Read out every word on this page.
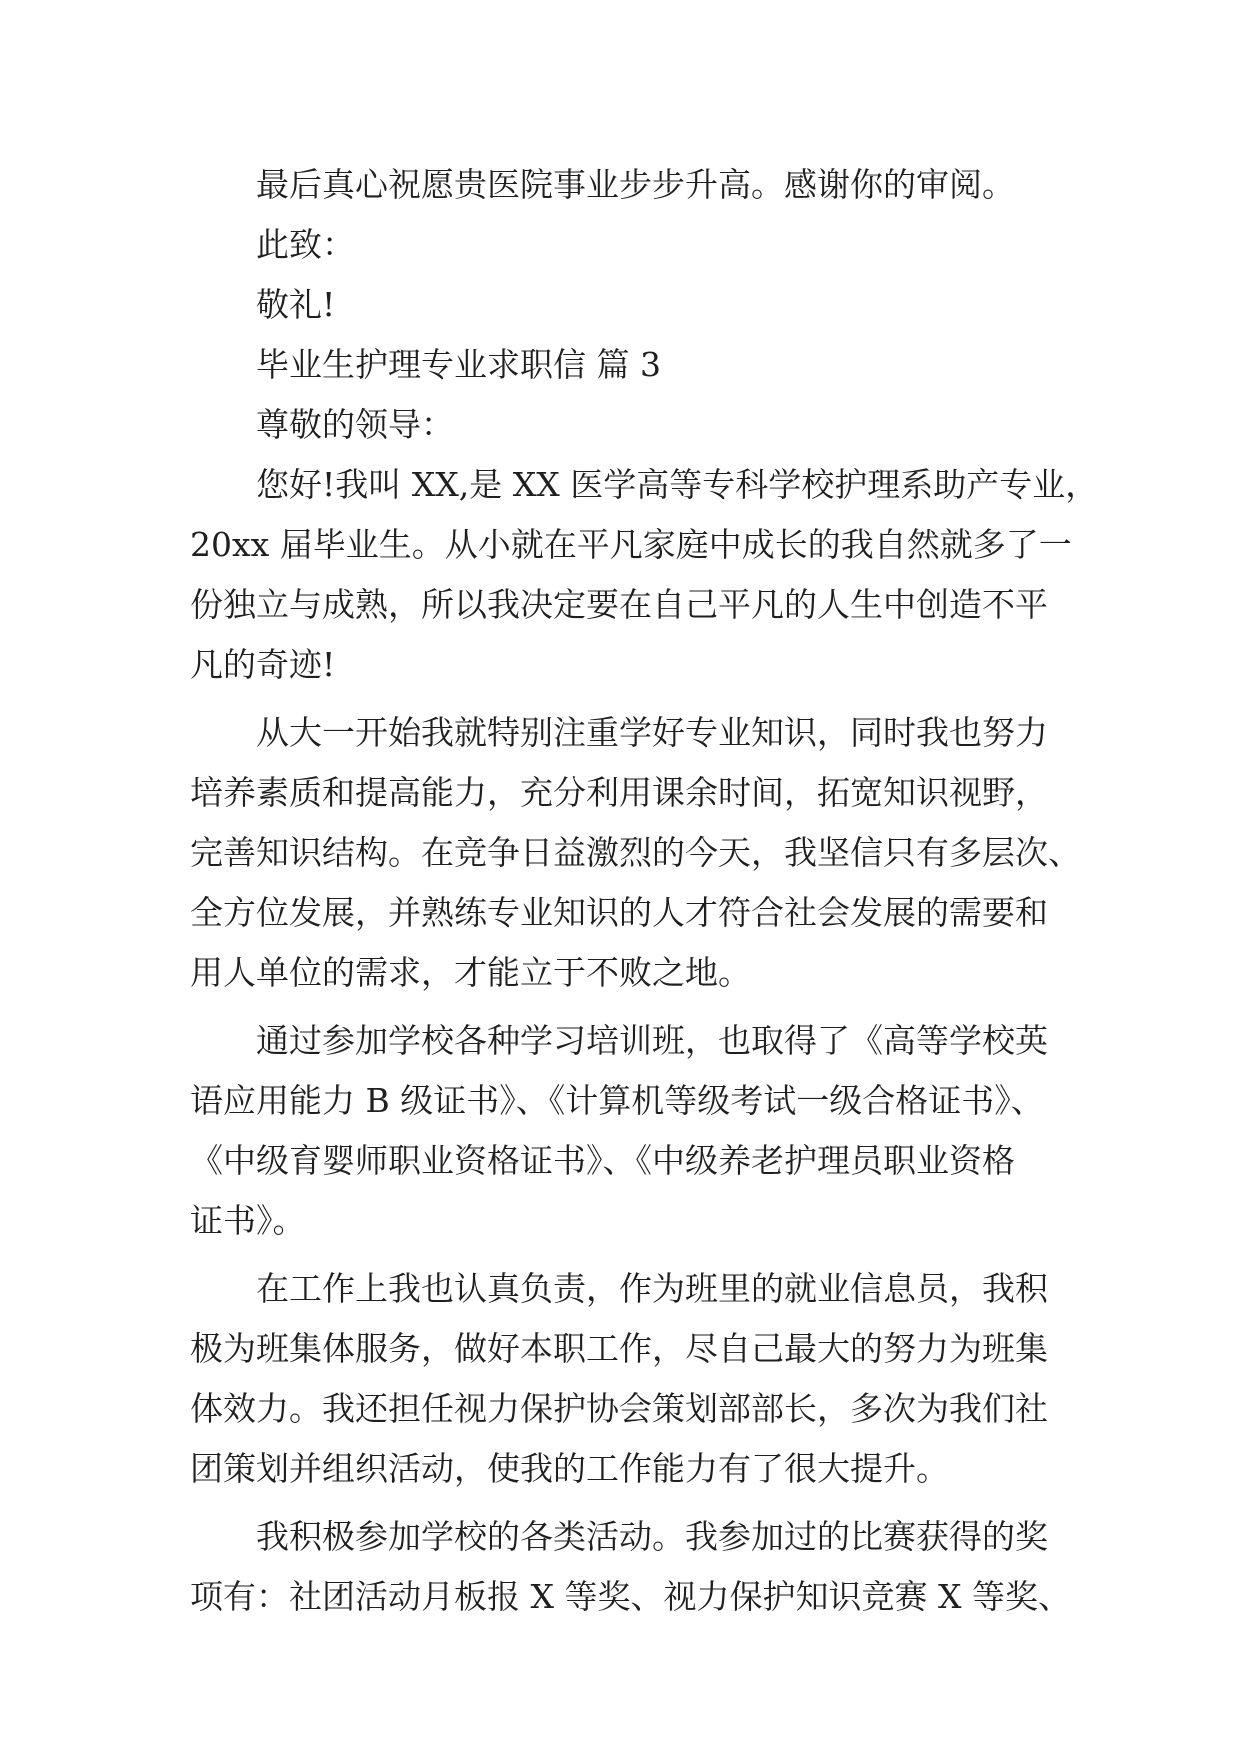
最后真心祝愿贵医院事业步步升高。感谢你的审阅。

此致：

敬礼!

毕业生护理专业求职信 篇 3

尊敬的领导：

您好!我叫 XX,是 XX 医学高等专科学校护理系助产专业，

20xx 届毕业生。从小就在平凡家庭中成长的我自然就多了一

份独立与成熟，所以我决定要在自己平凡的人生中创造不平

凡的奇迹!

从大一开始我就特别注重学好专业知识，同时我也努力

培养素质和提高能力，充分利用课余时间，拓宽知识视野，

完善知识结构。在竞争日益激烈的今天，我坚信只有多层次、

全方位发展，并熟练专业知识的人才符合社会发展的需要和

用人单位的需求，才能立于不败之地。

通过参加学校各种学习培训班，也取得了《高等学校英

语应用能力 B 级证书》、《计算机等级考试一级合格证书》、

《中级育婴师职业资格证书》、《中级养老护理员职业资格

证书》。

在工作上我也认真负责，作为班里的就业信息员，我积

极为班集体服务，做好本职工作，尽自己最大的努力为班集

体效力。我还担任视力保护协会策划部部长，多次为我们社

团策划并组织活动，使我的工作能力有了很大提升。

我积极参加学校的各类活动。我参加过的比赛获得的奖

项有：社团活动月板报 X 等奖、视力保护知识竞赛 X 等奖、
